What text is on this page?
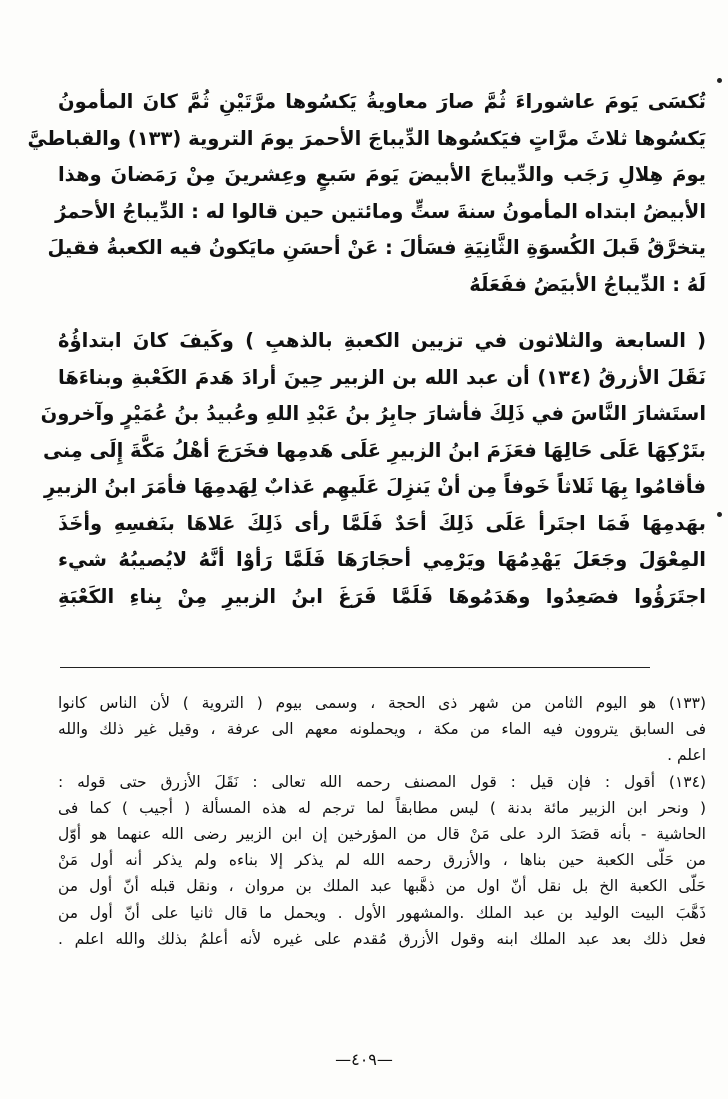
تُكسَى يَومَ عاشوراءَ ثُمَّ صارَ معاويةُ يَكسُوها مرَّتَيْنِ ثُمَّ كانَ المأمونُ
يَكسُوها ثلاثَ مرَّاتٍ فيَكسُوها الدِّيباجَ الأحمرَ يومَ التروية (١٣٣) والقباطيَّ
يومَ هِلالِ رَجَب والدِّيباجَ الأبيضَ يَومَ سَبعٍ وعِشرينَ مِنْ رَمَضانَ وهذا
الأبيضُ ابتداه المأمونُ سنةَ ستٍّ ومائتين حين قالوا له : الدِّيباجُ الأحمرُ
يتخرَّقُ قَبلَ الكُسوَةِ الثَّانِيَةِ فسَألَ : عَنْ أحسَنِ مايَكونُ فيه الكعبةُ فقيلَ
لَهُ : الدِّيباجُ الأبيَضُ ففَعَلَهُ
( السابعة والثلاثون في تزيين الكعبةِ بالذهبِ ) وكَيفَ كانَ ابتداؤُهُ
نَقَلَ الأزرقُ (١٣٤) أن عبد الله بن الزبير حِينَ أرادَ هَدمَ الكَعْبةِ وبناءَهَا
استَشارَ النَّاسَ في ذَلِكَ فأشارَ جابِرُ بنُ عَبْدِ اللهِ وعُبيدُ بنُ عُمَيْرٍ وآخرونَ
بتَرْكِهَا عَلَى حَالِهَا فعَزَمَ ابنُ الزبيرِ عَلَى هَدمِها فخَرَجَ أهْلُ مَكَّةَ إِلَى مِنى
فأقامُوا بِهَا ثَلاثاً خَوفاً مِن أنْ يَنزِلَ عَلَيهِم عَذابٌ لِهَدمِهَا فأمَرَ ابنُ الزبيرِ
بهَدمِهَا فَمَا اجتَرأ عَلَى ذَلِكَ أحَدٌ فَلَمَّا رأى ذَلِكَ عَلاهَا بنَفسِهِ وأخَذَ
المِعْوَلَ وجَعَلَ يَهْدِمُهَا ويَرْمِي أحجَارَهَا فَلَمَّا رَأوْا أنَّهُ لايُصيبُهُ شيء
اجتَرَؤُوا فصَعِدُوا وهَدَمُوهَا فَلَمَّا فَرَغَ ابنُ الزبيرِ مِنْ بِناءِ الكَعْبَةِ
(١٣٣) هو اليوم الثامن من شهر ذى الحجة ، وسمى بيوم ( التروية ) لأن الناس كانوا
فى السابق يتروون فيه الماء من مكة ، ويحملونه معهم الى عرفة ، وقيل غير ذلك والله
اعلم .
(١٣٤) أقول : فإن قيل : قول المصنف رحمه الله تعالى : نَقَلَ الأزرق حتى قوله :
( ونحر ابن الزبير مائة بدنة ) ليس مطابقاً لما ترجم له هذه المسألة ( أجيب ) كما فى
الحاشية - بأنه قصَدَ الرد على مَنْ قال من المؤرخين إن ابن الزبير رضى الله عنهما هو أوّل
من حَلّى الكعبة حين بناها ، والأزرق رحمه الله لم يذكر إلا بناءه ولم يذكر أنه أول مَنْ
حَلّى الكعبة الخ بل نقل أنّ اول من ذهَّبها عبد الملك بن مروان ، ونقل قبله أنّ أول من
ذَهَّبَ البيت الوليد بن عبد الملك .والمشهور الأول . ويحمل ما قال ثانيا على أنّ أول من
فعل ذلك بعد عبد الملك ابنه وقول الأزرق مُقدم على غيره لأنه أعلمُ بذلك والله اعلم .
—٤٠٩—
